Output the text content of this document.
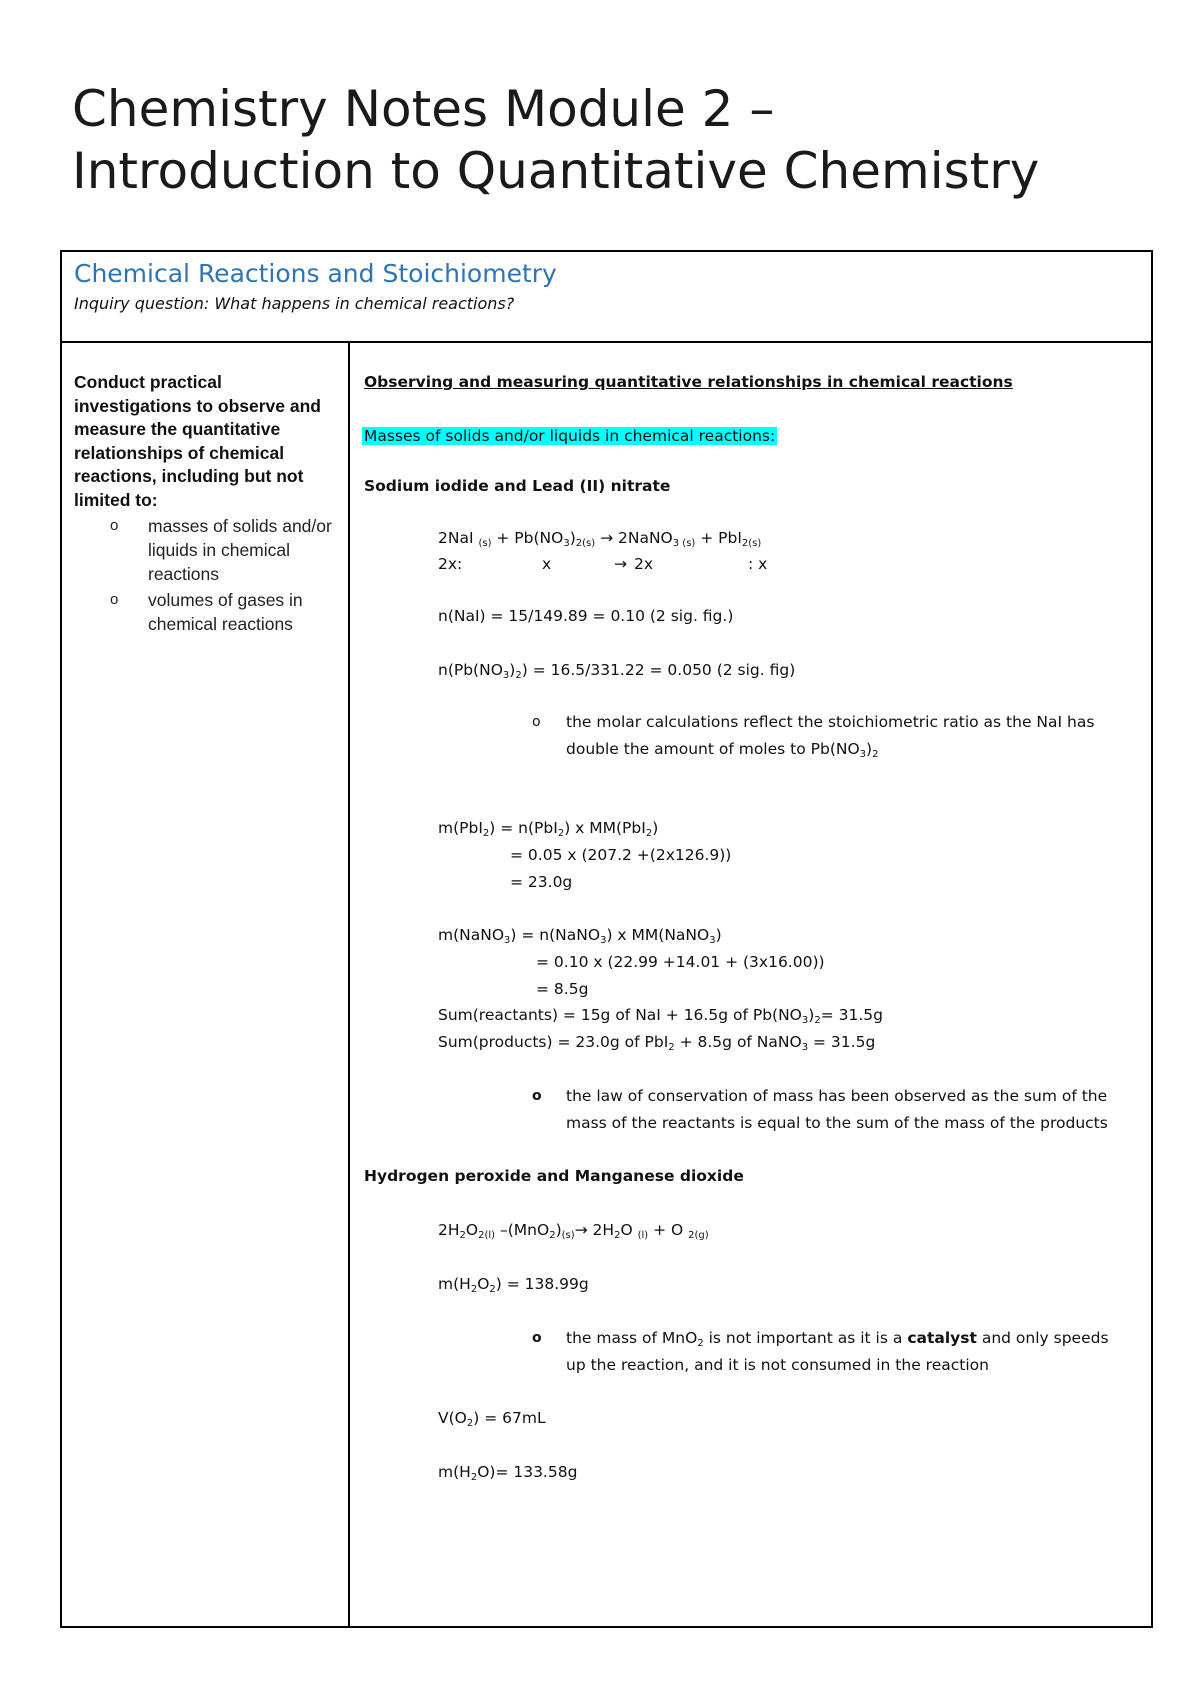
Chemistry Notes Module 2 –
Introduction to Quantitative Chemistry
Chemical Reactions and Stoichiometry
Inquiry question: What happens in chemical reactions?
Conduct practical investigations to observe and measure the quantitative relationships of chemical reactions, including but not limited to:
o masses of solids and/or liquids in chemical reactions
o volumes of gases in chemical reactions
Observing and measuring quantitative relationships in chemical reactions
Masses of solids and/or liquids in chemical reactions:
Sodium iodide and Lead (II) nitrate
2NaI $_{(s)} + Pb(NO_3)_{2(s)}$ → 2NaNO$_{3 (s)}$ + PbI$_{2(s)}$
2x:	x	→ 2x	: x
n(NaI) = 15/149.89 = 0.10 (2 sig. fig.)
$n(Pb(NO_3)_2) = 16.5/331.22 = 0.050$ (2 sig. fig)
o the molar calculations reflect the stoichiometric ratio as the NaI has
double the amount of moles to $Pb(NO_3)_2$
m(PbI$_2$) = n(PbI$_2$) x MM(PbI$_2$)
= 0.05 x (207.2 +(2x126.9))
= 23.0g
m(NaNO$_3$) = n(NaNO$_3$) x MM(NaNO$_3$)
= 0.10 x (22.99 +14.01 + (3x16.00))
= 8.5g
Sum(reactants) = 15g of NaI + 16.5g of $Pb(NO_3)_2= 31.5g$
Sum(products) = 23.0g of PbI$_2$ + 8.5g of NaNO$_3$ = 31.5g
o the law of conservation of mass has been observed as the sum of the
mass of the reactants is equal to the sum of the mass of the products
Hydrogen peroxide and Manganese dioxide
$2H_2O_{2(l)}$ $-(MnO_2)_{(s)}\to 2H_2O$ $_{(l)}$ + O $_{2(g)}$
$m(H_2O_2) = 138.99g$
o the mass of MnO$_2$ is not important as it is a catalyst and only speeds
up the reaction, and it is not consumed in the reaction
$V(O_2) = 67mL$
$m(H_2O)= 133.58g$
